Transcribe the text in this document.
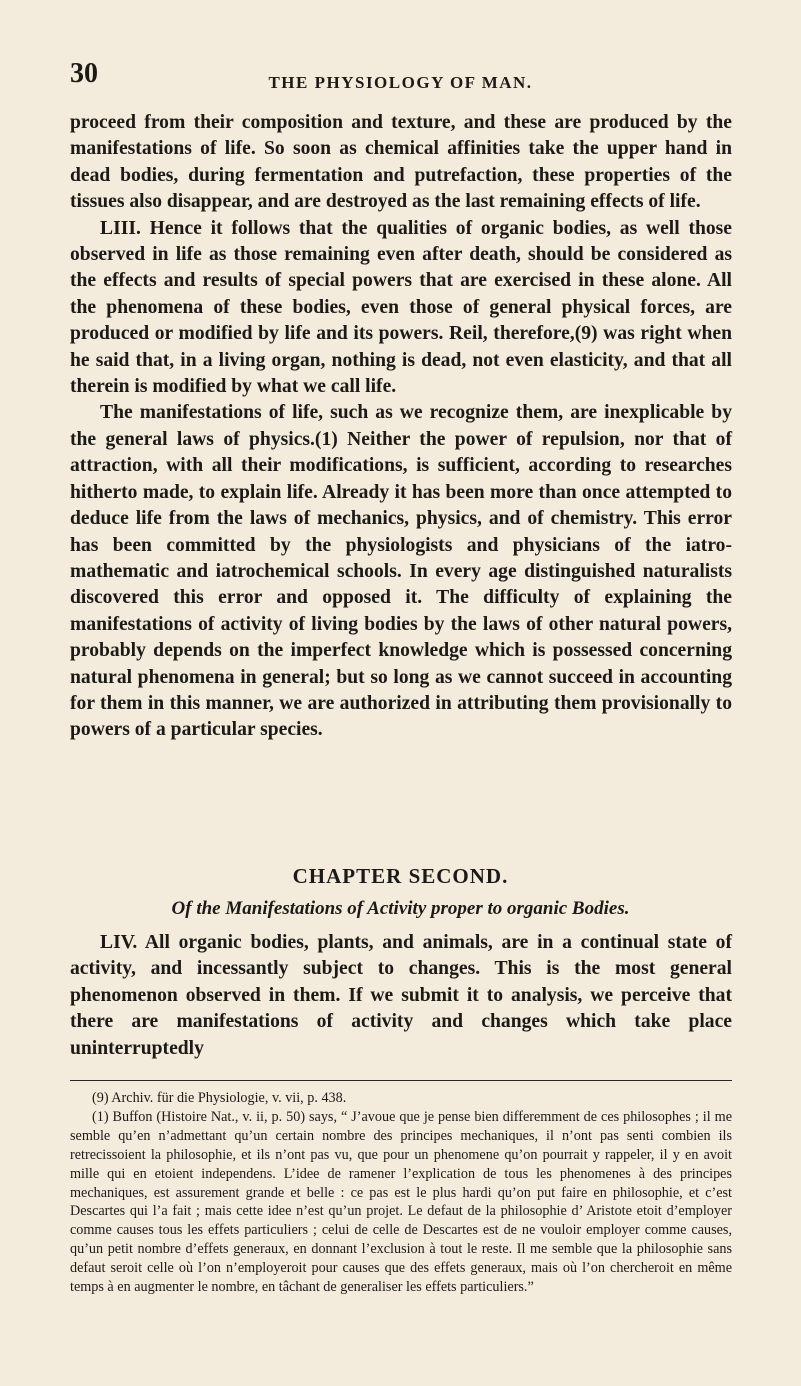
30	THE PHYSIOLOGY OF MAN.

proceed from their composition and texture, and these are produced by the manifestations of life. So soon as chemical affinities take the upper hand in dead bodies, during fermentation and putrefaction, these properties of the tissues also disappear, and are destroyed as the last remaining effects of life.

LIII. Hence it follows that the qualities of organic bodies, as well those observed in life as those remaining even after death, should be considered as the effects and results of special powers that are exercised in these alone. All the phenomena of these bodies, even those of general physical forces, are produced or modified by life and its powers. Reil, therefore,(9) was right when he said that, in a living organ, nothing is dead, not even elasticity, and that all therein is modified by what we call life.

The manifestations of life, such as we recognize them, are inexplicable by the general laws of physics.(1) Neither the power of repulsion, nor that of attraction, with all their modifications, is sufficient, according to researches hitherto made, to explain life. Already it has been more than once attempted to deduce life from the laws of mechanics, physics, and of chemistry. This error has been committed by the physiologists and physicians of the iatro-mathematic and iatrochemical schools. In every age distinguished naturalists discovered this error and opposed it. The difficulty of explaining the manifestations of activity of living bodies by the laws of other natural powers, probably depends on the imperfect knowledge which is possessed concerning natural phenomena in general; but so long as we cannot succeed in accounting for them in this manner, we are authorized in attributing them provisionally to powers of a particular species.

CHAPTER SECOND.
Of the Manifestations of Activity proper to organic Bodies.

LIV. All organic bodies, plants, and animals, are in a continual state of activity, and incessantly subject to changes. This is the most general phenomenon observed in them. If we submit it to analysis, we perceive that there are manifestations of activity and changes which take place uninterruptedly

(9) Archiv. für die Physiologie, v. vii, p. 438.

(1) Buffon (Histoire Nat., v. ii, p. 50) says, “ J’avoue que je pense bien differemment de ces philosophes ; il me semble qu’en n’admettant qu’un certain nombre des principes mechaniques, il n’ont pas senti combien ils retrecissoient la philosophie, et ils n’ont pas vu, que pour un phenomene qu’on pourrait y rappeler, il y en avoit mille qui en etoient independens. L’idee de ramener l’explication de tous les phenomenes à des principes mechaniques, est assurement grande et belle : ce pas est le plus hardi qu’on put faire en philosophie, et c’est Descartes qui l’a fait ; mais cette idee n’est qu’un projet. Le defaut de la philosophie d’ Aristote etoit d’employer comme causes tous les effets particuliers ; celui de celle de Descartes est de ne vouloir employer comme causes, qu’un petit nombre d’effets generaux, en donnant l’exclusion à tout le reste. Il me semble que la philosophie sans defaut seroit celle où l’on n’employeroit pour causes que des effets generaux, mais où l’on chercheroit en même temps à en augmenter le nombre, en tâchant de generaliser les effets particuliers.”
